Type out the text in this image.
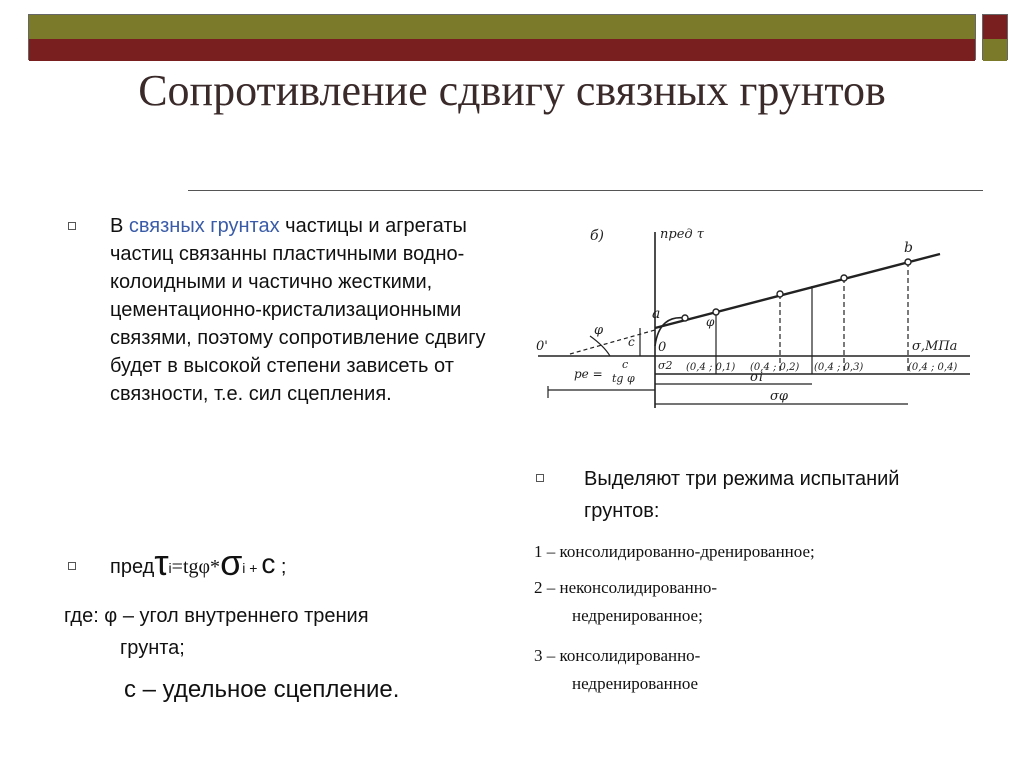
Сопротивление сдвигу связных грунтов

В связных грунтах частицы и агрегаты частиц связанны пластичными водно-колоидными и частично жесткими, цементационно-кристализационными связями, поэтому сопротивление сдвигу будет в высокой степени зависеть от связности, т.е. сил сцепления.

предτi=tgφ*σi + c ;
где: φ – угол внутреннего трения
грунта;
с – удельное сцепление.
б)	пред τ
σ,МПа
0'	0
a
b
φ
φ
c
σi
σφ
σ2
pe =
c
tg φ
(0,4 ; 0,1) (0,4 ; 0,2) (0,4 ; 0,3)	(0,4 ; 0,4)
Выделяют три режима испытаний грунтов:
1 – консолидированно-дренированное;
2 – неконсолидированно-
недренированное;
3 – консолидированно-
недренированное
